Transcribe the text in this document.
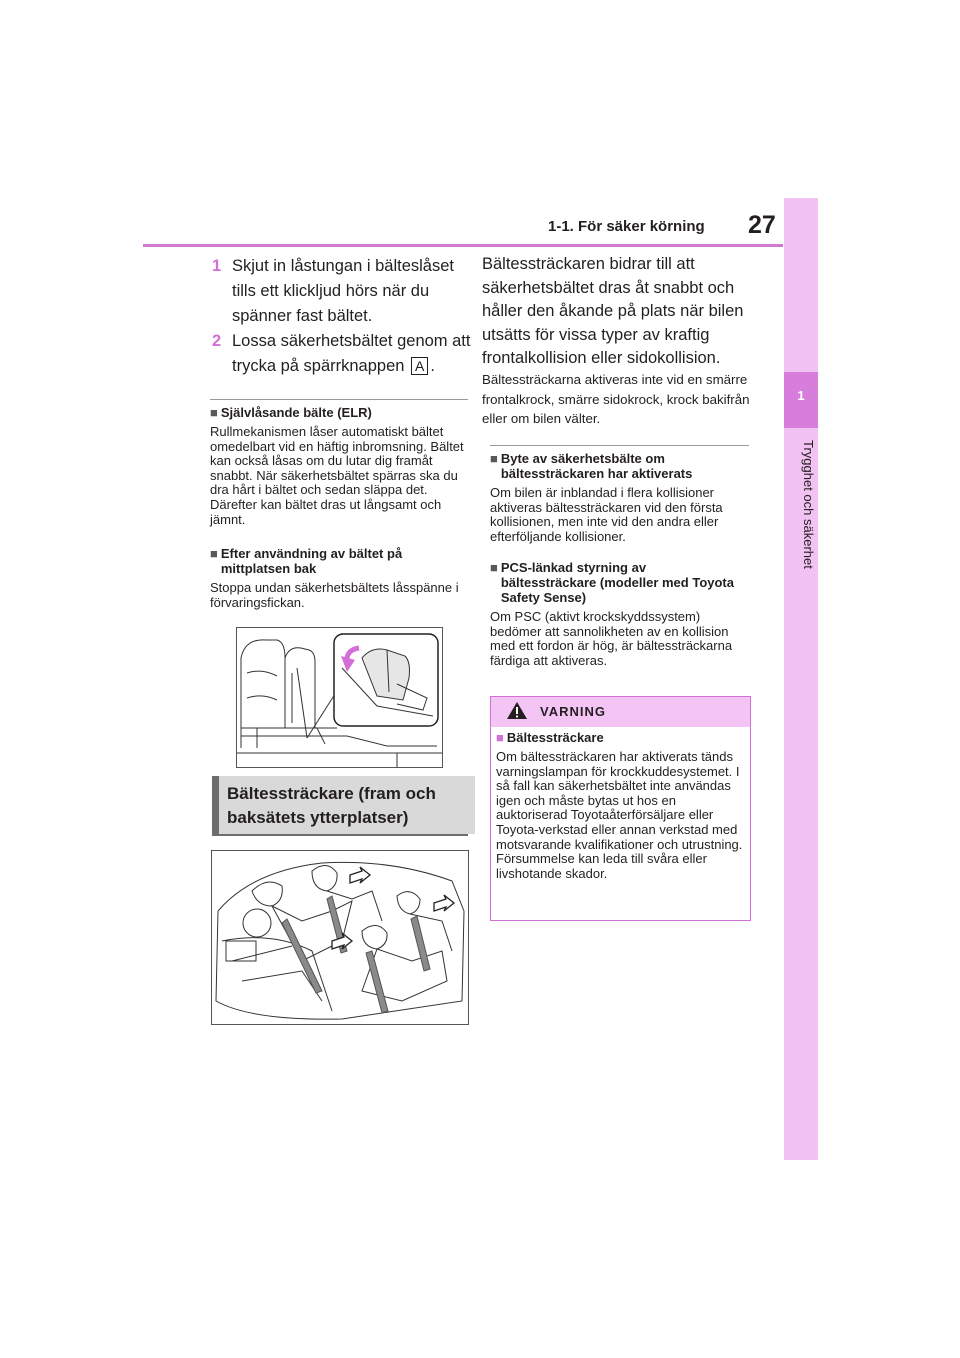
1-1. För säker körning 27
1
Trygghet och säkerhet
1 Skjut in låstungan i bälteslåset tills ett klickljud hörs när du spänner fast bältet.
2 Lossa säkerhetsbältet genom att trycka på spärrknappen A .
■ Självlåsande bälte (ELR)
Rullmekanismen låser automatiskt bältet omedelbart vid en häftig inbromsning. Bältet kan också låsas om du lutar dig framåt snabbt. När säkerhetsbältet spärras ska du dra hårt i bältet och sedan släppa det. Därefter kan bältet dras ut långsamt och jämnt.
■ Efter användning av bältet på mittplatsen bak
Stoppa undan säkerhetsbältets låsspänne i förvaringsfickan.
Bältessträckare (fram och baksätets ytterplatser)
Bältessträckaren bidrar till att säkerhetsbältet dras åt snabbt och håller den åkande på plats när bilen utsätts för vissa typer av kraftig frontalkollision eller sidokollision.
Bältessträckarna aktiveras inte vid en smärre frontalkrock, smärre sidokrock, krock bakifrån eller om bilen välter.
■ Byte av säkerhetsbälte om bältessträckaren har aktiverats
Om bilen är inblandad i flera kollisioner aktiveras bältessträckaren vid den första kollisionen, men inte vid den andra eller efterföljande kollisioner.
■ PCS-länkad styrning av bältessträckare (modeller med Toyota Safety Sense)
Om PSC (aktivt krockskyddssystem) bedömer att sannolikheten av en kollision med ett fordon är hög, är bältessträckarna färdiga att aktiveras.
VARNING
■ Bältessträckare
Om bältessträckaren har aktiverats tänds varningslampan för krockkuddesystemet. I så fall kan säkerhetsbältet inte användas igen och måste bytas ut hos en auktoriserad Toyotaåterförsäljare eller Toyota-verkstad eller annan verkstad med motsvarande kvalifikationer och utrustning. Försummelse kan leda till svåra eller livshotande skador.
